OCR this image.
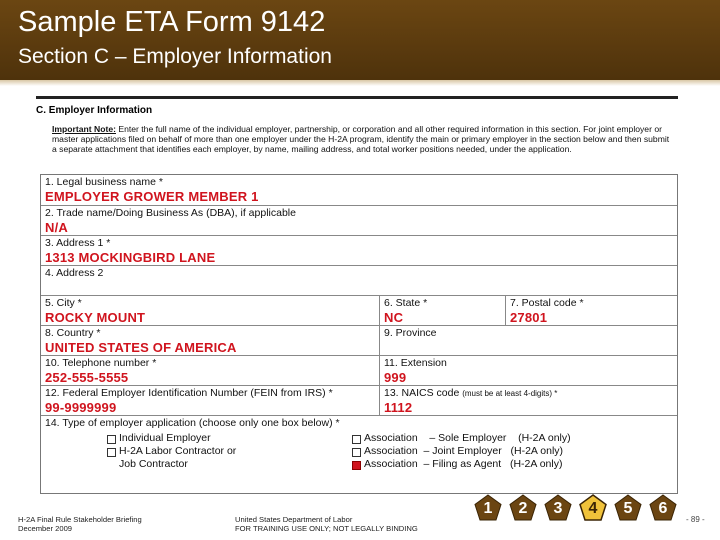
Sample ETA Form 9142
Section C – Employer Information
C. Employer Information
Important Note: Enter the full name of the individual employer, partnership, or corporation and all other required information in this section. For joint employer or master applications filed on behalf of more than one employer under the H-2A program, identify the main or primary employer in the section below and then submit a separate attachment that identifies each employer, by name, mailing address, and total worker positions needed, under the application.
1. Legal business name *
EMPLOYER GROWER MEMBER 1
2. Trade name/Doing Business As (DBA), if applicable
N/A
3. Address 1 *
1313 MOCKINGBIRD LANE
4. Address 2
5. City *
ROCKY MOUNT
6. State *
NC
7. Postal code *
27801
8. Country *
UNITED STATES OF AMERICA
9. Province
10. Telephone number *
252-555-5555
11. Extension
999
12. Federal Employer Identification Number (FEIN from IRS) *
99-9999999
13. NAICS code (must be at least 4-digits) *
1112
14. Type of employer application (choose only one box below) *
Individual Employer
H-2A Labor Contractor or
Job Contractor
Association – Sole Employer (H-2A only)
Association – Joint Employer (H-2A only)
Association – Filing as Agent (H-2A only)
1	2	3	4	5	6
H-2A Final Rule Stakeholder Briefing
December 2009
United States Department of Labor
FOR TRAINING USE ONLY; NOT LEGALLY BINDING
- 89 -
